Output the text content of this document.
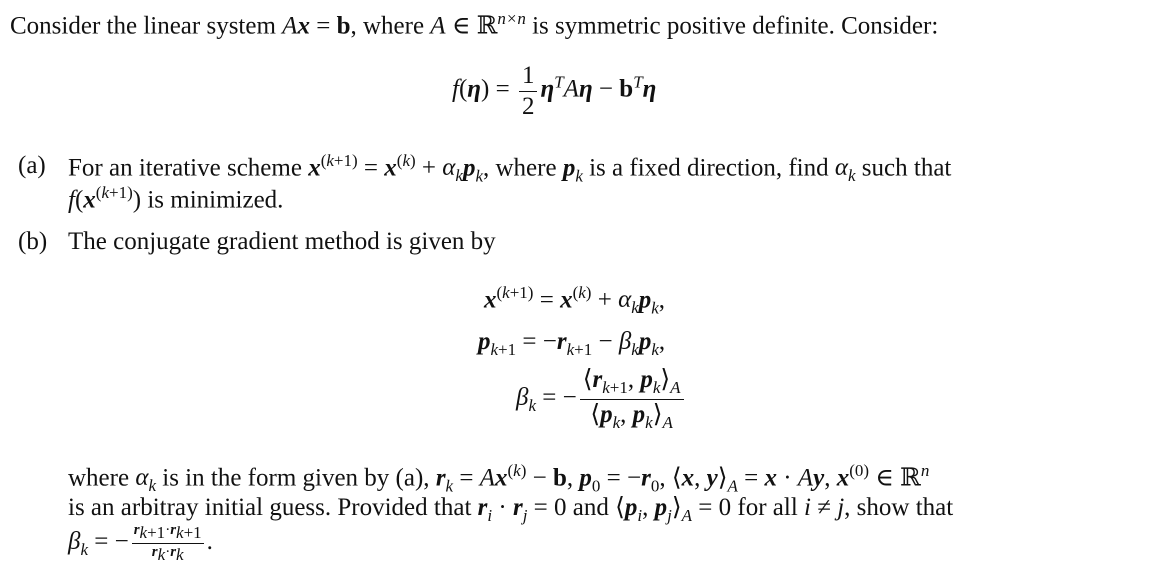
Consider the linear system Ax = b, where A ∈ ℝ$^{n\times n}$ is symmetric positive definite. Consider:
$f(\eta) = \frac{1}{2} \eta^TA\eta - b^T\eta$
(a) For an iterative scheme $x^{(k+1)} = x^{(k)} + \alpha_kp_k$, where $p_k$ is a fixed direction, find $\alpha_k$ such that
$f(x^{(k+1)})$ is minimized.
(b) The conjugate gradient method is given by
$x^{(k+1)} = x^{(k)} + \alpha_kp_k$,
$p_{k+1} = -r_{k+1} - \beta_kp_k$,
$\beta_k$ = − $\frac{⟨r_{k+1}, p_k⟩_A}{⟨p_k, p_k⟩_A}$
where $\alpha_k$ is in the form given by (a), $r_k = Ax^{(k)} - b$, $p_0 = -r_0$, ⟨x, $y⟩_A = x \cdot Ay$, $x^{(0)}$ ∈ ℝ$^n$
is an arbitray initial guess. Provided that $r_i \cdot r_j = 0$ and $⟨p_i$, $p_j⟩_A = 0$ for all i ≠ j, show that
$\beta_k$ = − $\frac{r_{k+1}\cdot r_{k+1}}{r_k\cdot r_k}$ .
